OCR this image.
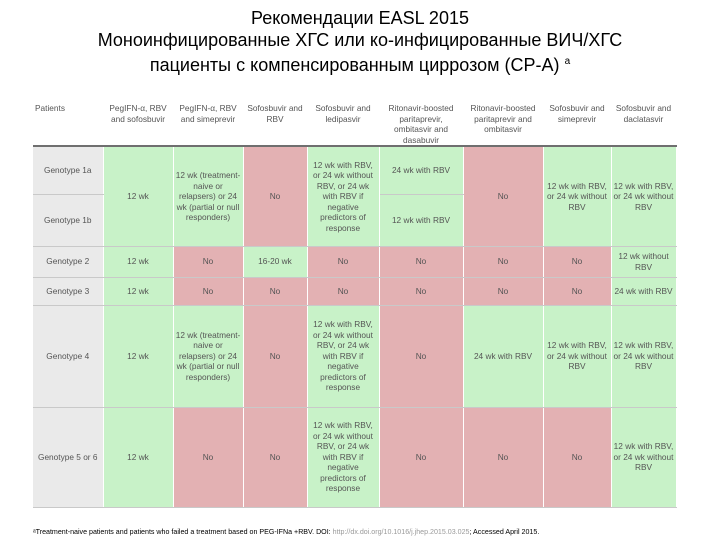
Рекомендации EASL 2015
Моноинфицированные ХГС или ко-инфицированные ВИЧ/ХГС
пациенты с компенсированным циррозом (СР-А) $^a$
Patients	PegIFN-α, RBV and sofosbuvir	PegIFN-α, RBV and simeprevir	Sofosbuvir and RBV	Sofosbuvir and ledipasvir	Ritonavir-boosted paritaprevir, ombitasvir and dasabuvir	Ritonavir-boosted paritaprevir and ombitasvir	Sofosbuvir and simeprevir	Sofosbuvir and daclatasvir
Genotype 1a	12 wk	12 wk (treatment-naive or relapsers) or 24 wk (partial or null responders)	No	12 wk with RBV, or 24 wk without RBV, or 24 wk with RBV if negative predictors of response	24 wk with RBV	No	12 wk with RBV, or 24 wk without RBV	12 wk with RBV, or 24 wk without RBV
Genotype 1b					12 wk with RBV			
Genotype 2	12 wk	No	16-20 wk	No	No	No	No	12 wk without RBV
Genotype 3	12 wk	No	No	No	No	No	No	24 wk with RBV
Genotype 4	12 wk	12 wk (treatment-naive or relapsers) or 24 wk (partial or null responders)	No	12 wk with RBV, or 24 wk without RBV, or 24 wk with RBV if negative predictors of response	No	24 wk with RBV	12 wk with RBV, or 24 wk without RBV	12 wk with RBV, or 24 wk without RBV
Genotype 5 or 6	12 wk	No	No	12 wk with RBV, or 24 wk without RBV, or 24 wk with RBV if negative predictors of response	No	No	No	12 wk with RBV, or 24 wk without RBV
ᵃTreatment-naive patients and patients who failed a treatment based on PEG-IFNa +RBV. DOI: http://dx.doi.org/10.1016/j.jhep.2015.03.025; Accessed April 2015.
